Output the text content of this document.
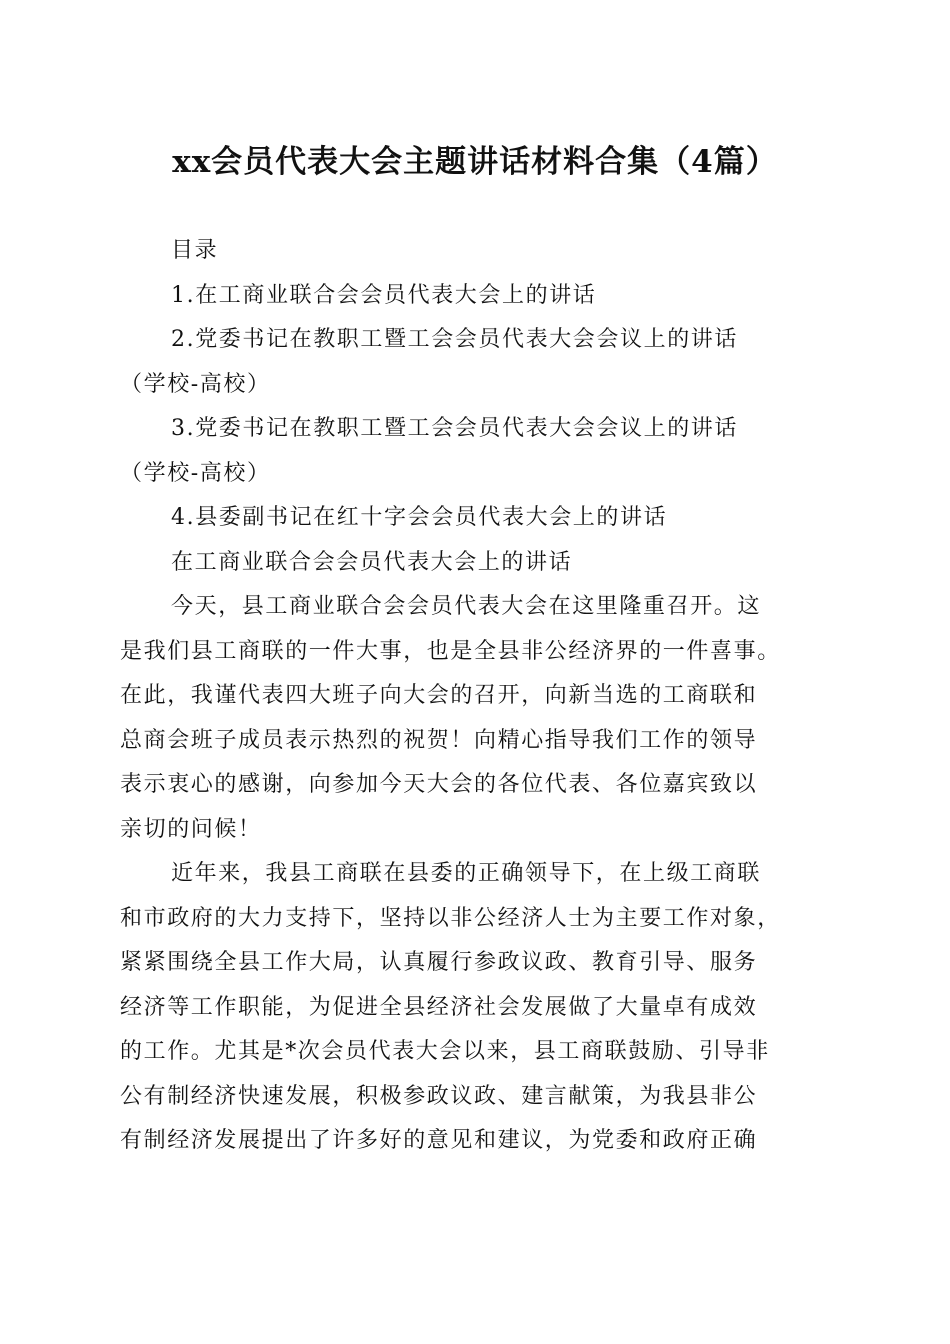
xx会员代表大会主题讲话材料合集（4篇）
目录
1.在工商业联合会会员代表大会上的讲话
2.党委书记在教职工暨工会会员代表大会会议上的讲话
（学校-高校）
3.党委书记在教职工暨工会会员代表大会会议上的讲话
（学校-高校）
4.县委副书记在红十字会会员代表大会上的讲话
在工商业联合会会员代表大会上的讲话
今天，县工商业联合会会员代表大会在这里隆重召开。这
是我们县工商联的一件大事，也是全县非公经济界的一件喜事。
在此，我谨代表四大班子向大会的召开，向新当选的工商联和
总商会班子成员表示热烈的祝贺！向精心指导我们工作的领导
表示衷心的感谢，向参加今天大会的各位代表、各位嘉宾致以
亲切的问候！
近年来，我县工商联在县委的正确领导下，在上级工商联
和市政府的大力支持下，坚持以非公经济人士为主要工作对象，
紧紧围绕全县工作大局，认真履行参政议政、教育引导、服务
经济等工作职能，为促进全县经济社会发展做了大量卓有成效
的工作。尤其是*次会员代表大会以来，县工商联鼓励、引导非
公有制经济快速发展，积极参政议政、建言献策，为我县非公
有制经济发展提出了许多好的意见和建议，为党委和政府正确
